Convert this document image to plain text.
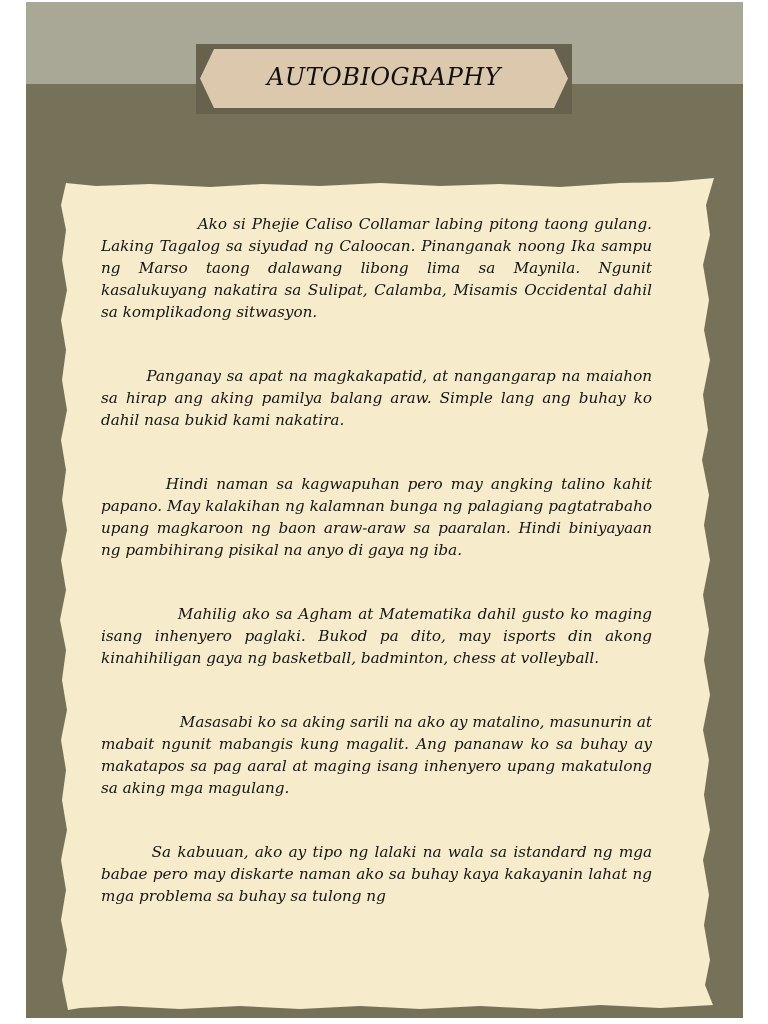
AUTOBIOGRAPHY

Ako si Phejie Caliso Collamar labing pitong taong gulang. Laking Tagalog sa siyudad ng Caloocan. Pinanganak noong Ika sampu ng Marso taong dalawang libong lima sa Maynila. Ngunit kasalukuyang nakatira sa Sulipat, Calamba, Misamis Occidental dahil sa komplikadong sitwasyon.

Panganay sa apat na magkakapatid, at nangangarap na maiahon sa hirap ang aking pamilya balang araw. Simple lang ang buhay ko dahil nasa bukid kami nakatira.

Hindi naman sa kagwapuhan pero may angking talino kahit papano. May kalakihan ng kalamnan bunga ng palagiang pagtatrabaho upang magkaroon ng baon araw-araw sa paaralan. Hindi biniyayaan ng pambihirang pisikal na anyo di gaya ng iba.

Mahilig ako sa Agham at Matematika dahil gusto ko maging isang inhenyero paglaki. Bukod pa dito, may isports din akong kinahihiligan gaya ng basketball, badminton, chess at volleyball.

Masasabi ko sa aking sarili na ako ay matalino, masunurin at mabait ngunit mabangis kung magalit. Ang pananaw ko sa buhay ay makatapos sa pag aaral at maging isang inhenyero upang makatulong sa aking mga magulang.

Sa kabuuan, ako ay tipo ng lalaki na wala sa istandard ng mga babae pero may diskarte naman ako sa buhay kaya kakayanin lahat ng mga problema sa buhay sa tulong ng
